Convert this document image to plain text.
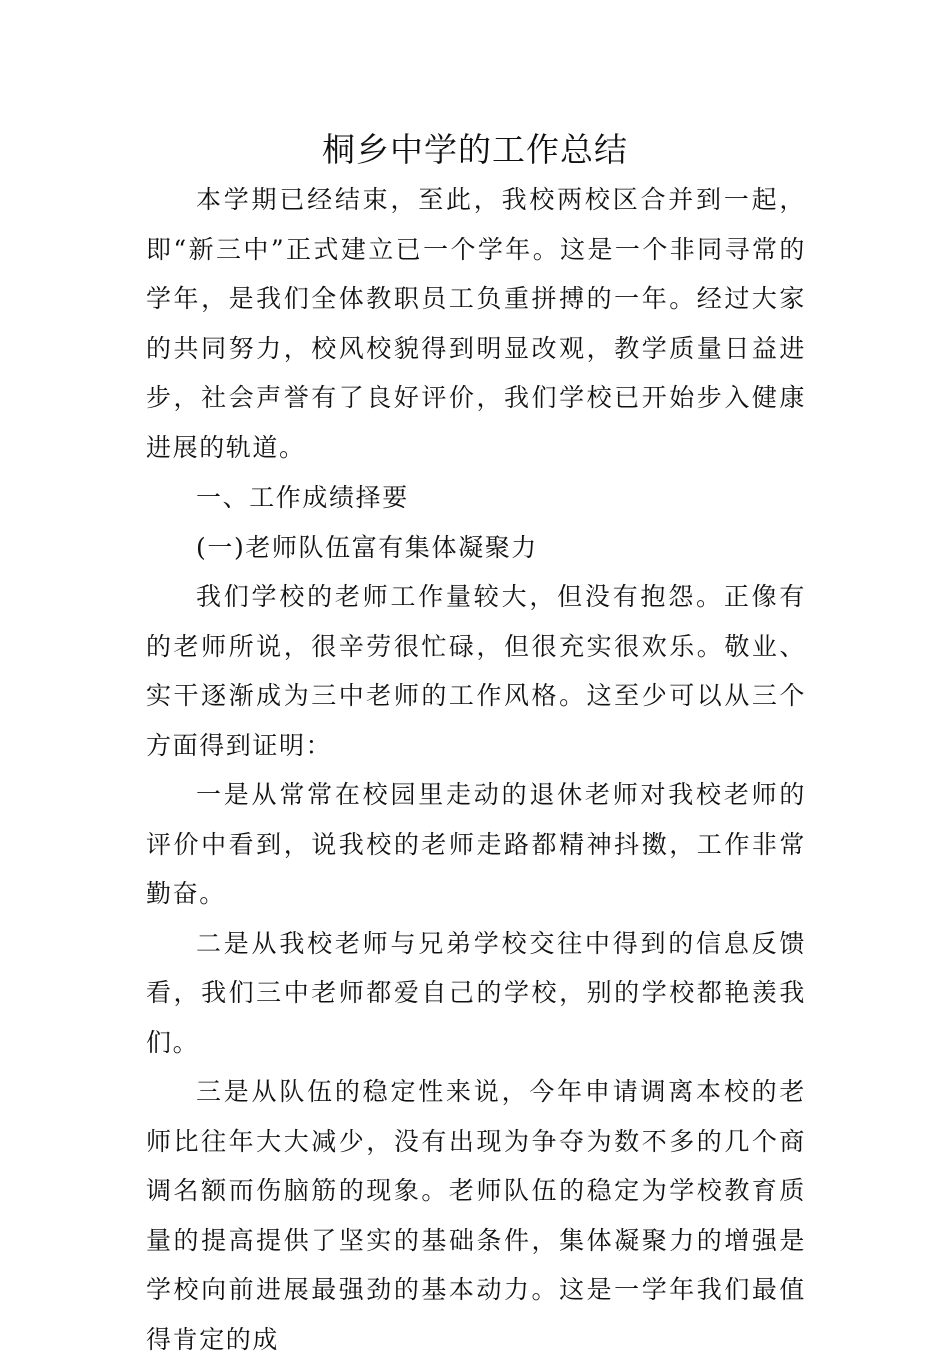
桐乡中学的工作总结

本学期已经结束，至此，我校两校区合并到一起，即“新三中”正式建立已一个学年。这是一个非同寻常的学年，是我们全体教职员工负重拼搏的一年。经过大家的共同努力，校风校貌得到明显改观，教学质量日益进步，社会声誉有了良好评价，我们学校已开始步入健康进展的轨道。

一、工作成绩择要

(一)老师队伍富有集体凝聚力

我们学校的老师工作量较大，但没有抱怨。正像有的老师所说，很辛劳很忙碌，但很充实很欢乐。敬业、实干逐渐成为三中老师的工作风格。这至少可以从三个方面得到证明：

一是从常常在校园里走动的退休老师对我校老师的评价中看到，说我校的老师走路都精神抖擞，工作非常勤奋。

二是从我校老师与兄弟学校交往中得到的信息反馈看，我们三中老师都爱自己的学校，别的学校都艳羡我们。

三是从队伍的稳定性来说，今年申请调离本校的老师比往年大大减少，没有出现为争夺为数不多的几个商调名额而伤脑筋的现象。老师队伍的稳定为学校教育质量的提高提供了坚实的基础条件，集体凝聚力的增强是学校向前进展最强劲的基本动力。这是一学年我们最值得肯定的成
